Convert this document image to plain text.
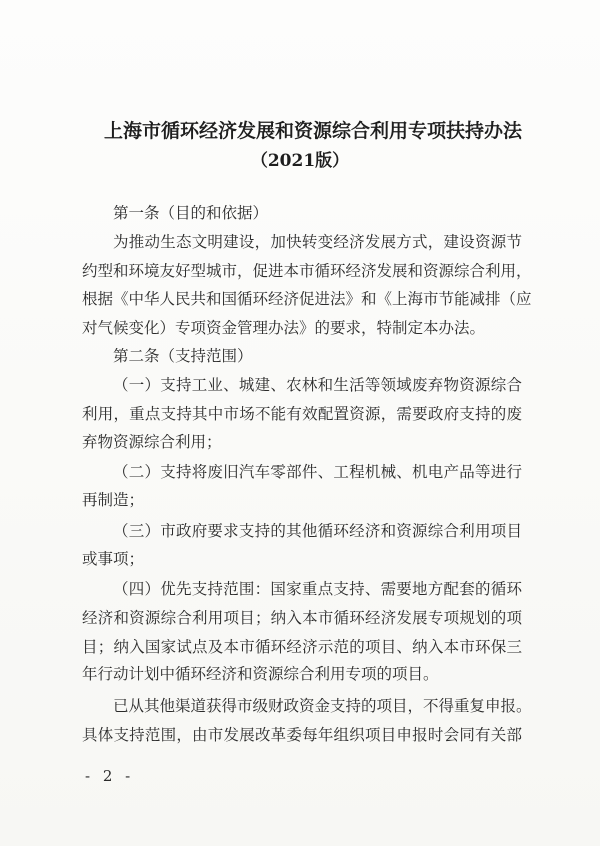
上海市循环经济发展和资源综合利用专项扶持办法
（2021版）
第一条（目的和依据）
为推动生态文明建设，加快转变经济发展方式，建设资源节
约型和环境友好型城市，促进本市循环经济发展和资源综合利用，
根据《中华人民共和国循环经济促进法》和《上海市节能减排（应
对气候变化）专项资金管理办法》的要求，特制定本办法。
第二条（支持范围）
（一）支持工业、城建、农林和生活等领域废弃物资源综合
利用，重点支持其中市场不能有效配置资源，需要政府支持的废
弃物资源综合利用；
（二）支持将废旧汽车零部件、工程机械、机电产品等进行
再制造；
（三）市政府要求支持的其他循环经济和资源综合利用项目
或事项；
（四）优先支持范围：国家重点支持、需要地方配套的循环
经济和资源综合利用项目；纳入本市循环经济发展专项规划的项
目；纳入国家试点及本市循环经济示范的项目、纳入本市环保三
年行动计划中循环经济和资源综合利用专项的项目。
已从其他渠道获得市级财政资金支持的项目，不得重复申报。
具体支持范围，由市发展改革委每年组织项目申报时会同有关部
- 2 -
